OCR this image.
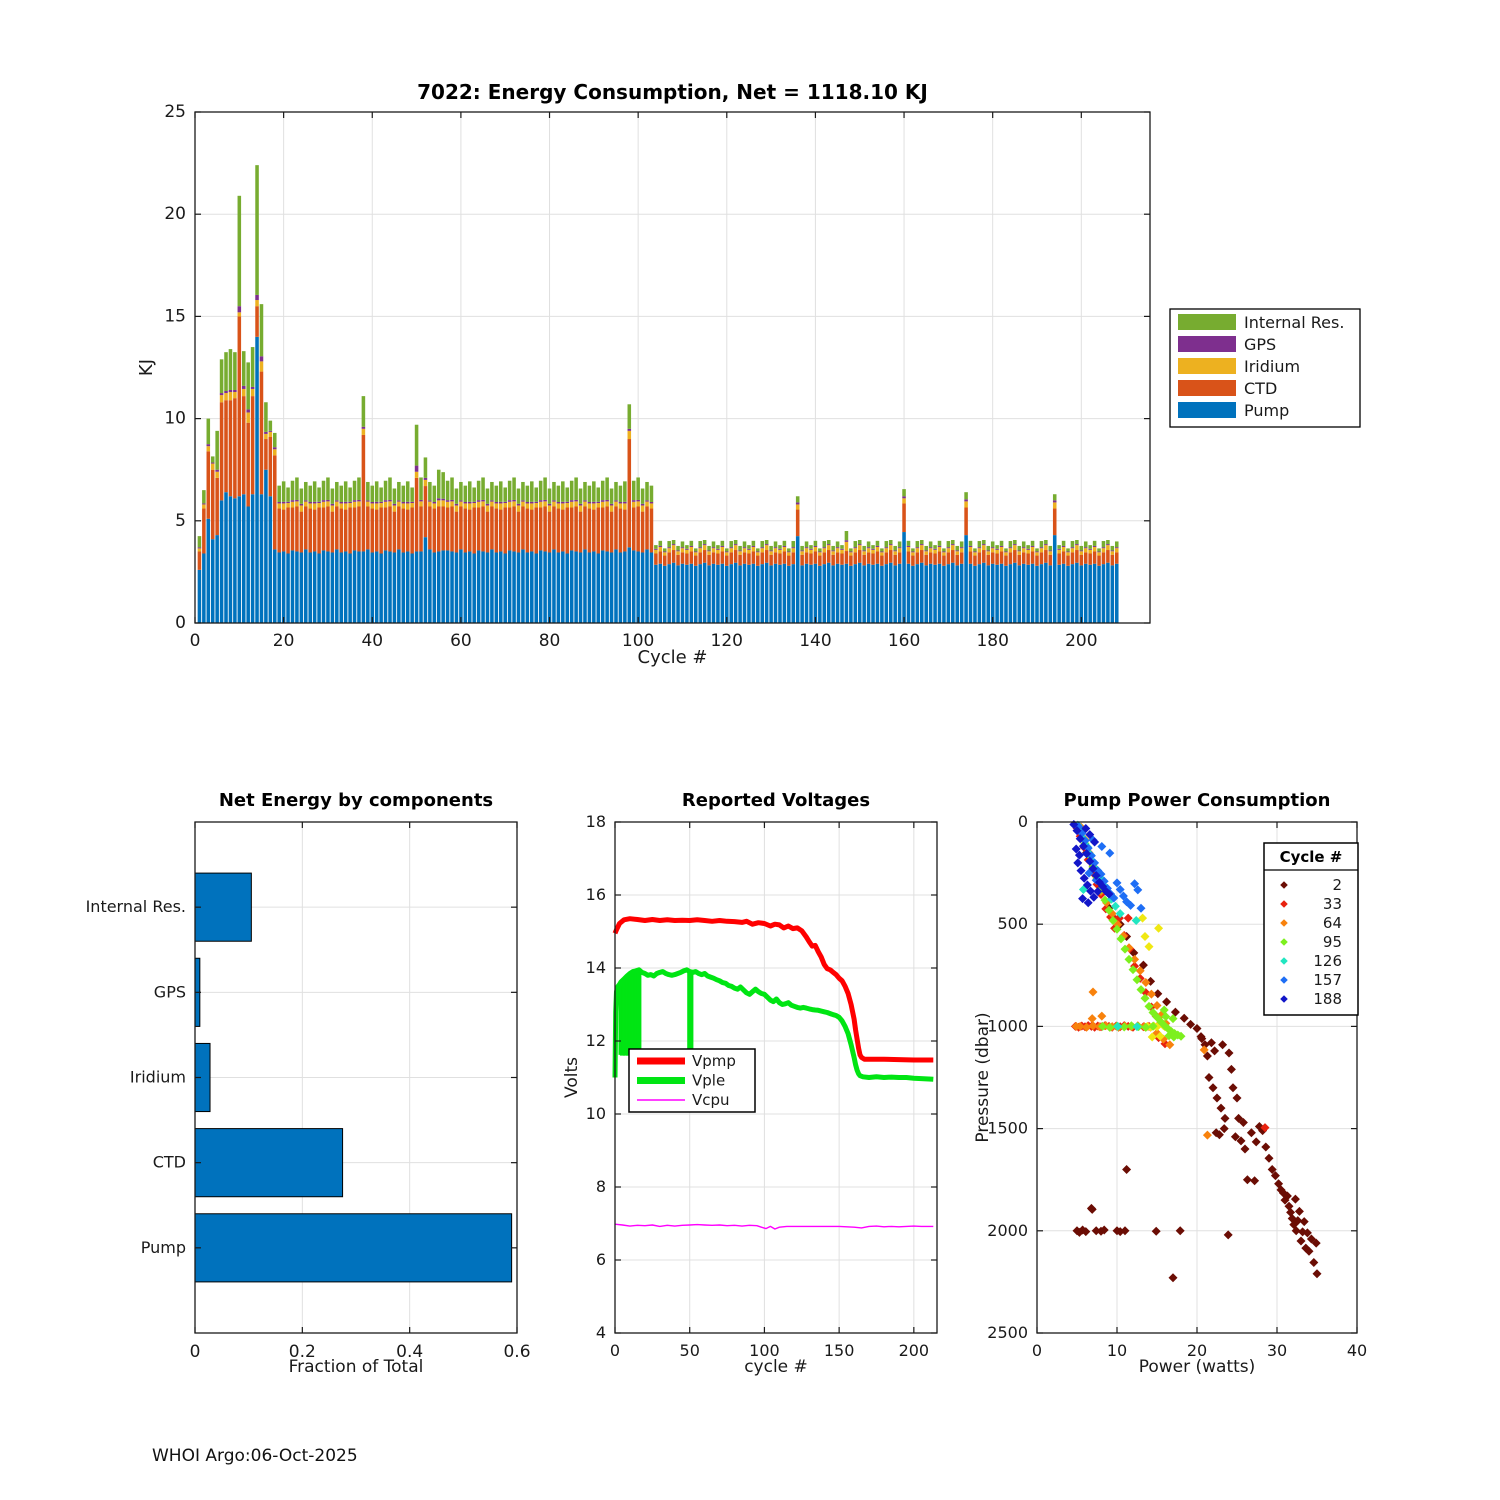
0	20	40	60	80	100	120	140	160	180	200
0
5
10
15
20
25
7022: Energy Consumption, Net = 1118.10 KJ
Cycle #
KJ
Internal Res.
GPS
Iridium
CTD
Pump
0	0.2	0.4	0.6
Internal Res.
GPS
Iridium
CTD
Pump
Net Energy by components
Fraction of Total
0	50	100	150	200
4
6
8
10
12
14
16
18
Reported Voltages
cycle #
Volts	Vpmp
Vple
Vcpu
0	10	20	30	40
0
500
1000
1500
2000
2500
Pump Power Consumption
Power (watts)
Pressure (dbar)
Cycle #
2
33
64
95
126
157
188
WHOI Argo:06-Oct-2025
